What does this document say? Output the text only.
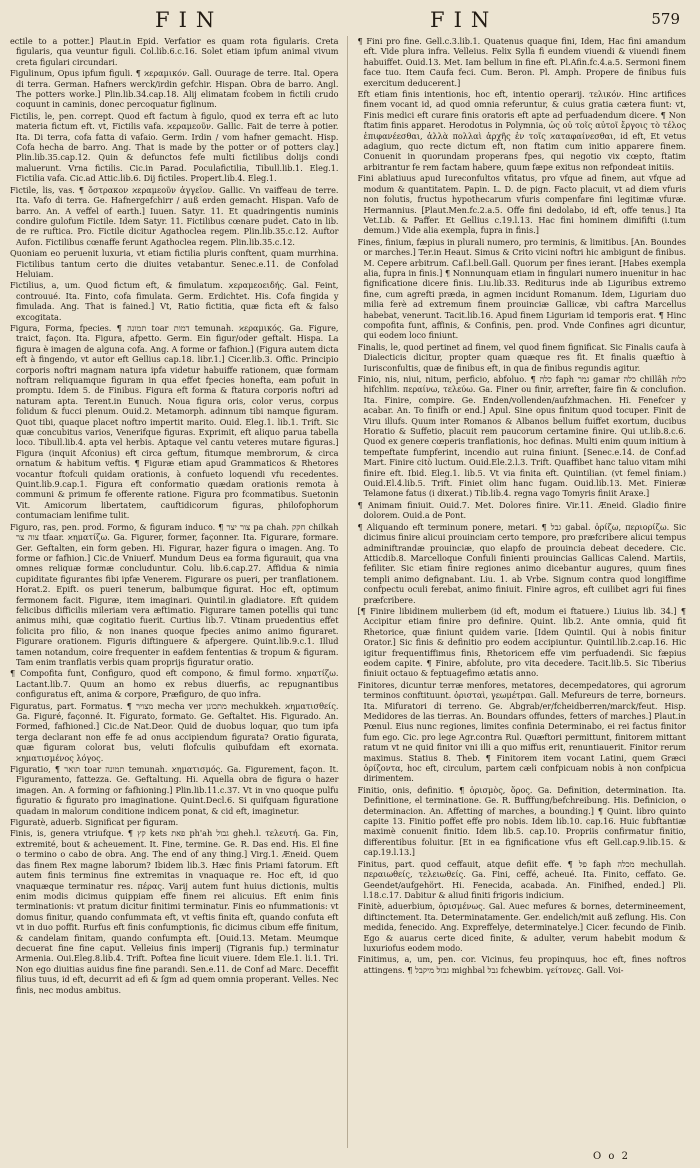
FIN	FIN	579

ectile to a potter.] Plaut.in Epid. Verfatior es quam rota figularis. Creta figularis, qua veuntur figuli. Col.lib.6.c.16. Solet etiam ipfum animal vivum creta figulari circundari.

Figulinum, Opus ipfum figuli. ¶ ϰεραμικόν. Gall. Ouurage de terre. Ital. Opera di terra. German. Hafners werck/irdin gefchir. Hispan. Obra de barro. Angl. The potters worke.] Plin.lib.34.cap.18. Alij elimatam fcobem in fictili crudo coquunt in caminis, donec percoquatur figlinum.

Fictilis, le, pen. corrept. Quod eft factum à figulo, quod ex terra eft ac luto materia fictum eft. vt, Fictilis vafa. ϰεραμεοῦν. Gallic. Fait de terre à potier. Ita. Di terra, cofa fatta di vafaio. Germ. Irdin / vom hafner gemacht. Hisp. Cofa hecha de barro. Ang. That is made by the potter or of potters clay.] Plin.lib.35.cap.12. Quin & defunctos fefe multi fictilibus dolijs condi maluerunt. Vrna fictilis. Cic.in Parad. Poculafictilia, Tibull.lib.1. Eleg.1. Fictilia vafa. Cic.ad Attic.lib.6. Dij fictiles. Propert.lib.4. Eleg.1.

Fictile, lis, vas. ¶ ὄστρακον ϰεραμεοῦν ἀγγεῖον. Gallic. Vn vaiffeau de terre. Ita. Vafo di terra. Ge. Hafnergefchirr / auß erden gemacht. Hispan. Vafo de barro. An. A veffel of earth.] Iuuen. Satyr. 11. Et quadringentis numinis condire gulofum Fictile. Idem Satyr. 11. Fictilibus cœnare pudet. Cato in lib. de re ruftica. Pro. Fictile dicitur Agathoclea regem. Plin.lib.35.c.12. Auftor Aufon. Fictilibus cœnaffe ferunt Agathoclea regem. Plin.lib.35.c.12.

Quoniam eo peruenit luxuria, vt etiam fictilia pluris conftent, quam murrhina. Fictilibus tantum certo die diuites vetabantur. Senec.e.11. de Confolad Heluiam.

Fictilius, a, um. Quod fictum eft, & fimulatum. ϰεραμεοειδής. Gal. Feint, controuué. Ita. Finto, cofa fimulata. Germ. Erdichtet. His. Cofa fingida y fimulada. Ang. That is fained.] Vt, Ratio fictitia, quæ ficta eft & falso excogitata.

Figura, Forma, fpecies. ¶ תמונה toar דמות temunah. ϰεραμικός. Ga. Figure, traict, façon. Ita. Figura, afpetto. Germ. Ein figur/oder geftalt. Hispa. La figura è imagen de alguna cofa. Ang. A forme or fafhion.] (Figura autem dicta eft à fingendo, vt autor eft Gellius cap.18. libr.1.] Cicer.lib.3. Offic. Principio corporis noftri magnam natura ipfa videtur habuiffe rationem, quæ formam noftram reliquamque figuram in qua effet fpecies honefta, eam pofuit in promptu. Idem 5. de Finibus. Figura eft forma & ftatura corporis noftri ad naturam apta. Terent.in Eunuch. Noua figura oris, color verus, corpus folidum & fucci plenum. Ouid.2. Metamorph. adinnum tibi namque figuram. Quot tibi, quaque placet noftro impertit marito. Ouid. Eleg.1. lib.1. Trift. Sic quæ concubitus varios, Venerifque figuras. Exprimit, eft aliquo parua tabella loco. Tibull.lib.4. apta vel herbis. Aptaque vel cantu veteres mutare figuras.] Figura (inquit Afconius) eft circa geftum, fitumque membrorum, & circa ornatum & habitum veftis. ¶ Figuræ etiam apud Grammaticos & Rhetores vocantur ftofculi quidam orationis, à confueto loquendi vfu recedentes. Quint.lib.9.cap.1. Figura eft conformatio quædam orationis remota à communi & primum fe offerente ratione. Figura pro fcommatibus. Suetonin Vit. Amicorum libertatem, cauftidicorum figuras, philofophorum contumaciam lenifime tulit.

Figuro, ras, pen. prod. Formo, & figuram induco. ¶ צור יצר pa chah. חקק chilkah צוה צר tfaar. ϰηματίζω. Ga. Figurer, former, façonner. Ita. Figurare, formare. Ger. Geftalten, ein form geben. Hi. Figurar, hazer figura o imagen. Ang. To forme or fafhion.] Cic.de Vniuerf. Mundum Deus ea forma figurauit, qua vna omnes reliquæ formæ concluduntur. Colu. lib.6.cap.27. Affidua & nimia cupiditate figurantes fibi ipfæ Venerem. Figurare os pueri, per tranflationem. Horat.2. Epift. os pueri tenerum, balbumque figurat. Hoc eft, optimum fermonem facit. Figuræ, item imaginari. Quintil.in gladiatore. Eft quidem felicibus difficilis mileriam vera æftimatio. Figurare tamen potellis qui tunc animus mihi, quæ cogitatio fuerit. Curtius lib.7. Vtinam pruedentius effet folicita pro filio, & non inanes quoque fpecies animo animo figuraret. Figurare orationem. Figuris diftinguere & afpergere. Quint.lib.9.c.1. Illud tamen notandum, coire frequenter in eafdem fententias & tropum & figuram. Tam enim tranflatis verbis quam proprijs figuratur oratio.

¶ Compofita funt, Configuro, quod eft compono, & fimul formo. ϰηματίζω. Lactant.lib.7. Quum an homo ex rebus diuerfis, ac repugnantibus configuratus eft, anima & corpore, Præfiguro, de quo infra.

Figuratus, part. Formatus. ¶ מצויר mecha ver מתכונן mechukkeh. ϰηματισθείς. Ga. Figuré, façonné. It. Figurato, formato. Ge. Geftaltet. His. Figurado. An. Formed, fafhioned.] Cic.de Nat.Deor. Quid de duobus loquar, quo tum ipfa terga declarant non effe fe ad onus accipiendum figurata? Oratio figurata, quæ figuram colorat bus, veluti flofculis quibufdam eft exornata. ϰηματισμένος λόγος.

Figuratio, ¶ תואר toar תמונה temunah. ϰηματισμός. Ga. Figurement, façon. It. Figuramento, fattezza. Ge. Geftaltung. Hi. Aquella obra de figura o hazer imagen. An. A forming or fafhioning.] Plin.lib.11.c.37. Vt in vno quoque pulfu figuratio & figurato pro imaginatione. Quint.Decl.6. Si quifquam figuratione quadam in malorum conditione indicem ponat, & cid eft, imaginetur.

Figuratè, aduerb. Significat per figuram.

Finis, is, genera vtriufque. ¶ קץ kets פאת ph'ah גבול gheh.l. τελευτή. Ga. Fin, extremité, bout & acheuement. It. Fine, termine. Ge. R. Das end. His. El fine o termino o cabo de obra. Ang. The end of any thing.] Virg.1. Æneid. Quem das finem Rex magne laborum? Ibidem lib.3. Hæc finis Priami fatorum. Eft autem finis terminus fine extremitas in vnaquaque re. Hoc eft, id quo vnaquæque terminatur res. πέρας. Varij autem funt huius dictionis, multis enim modis dicimus quippiam effe finem rei alicuius. Eft enim finis terminationis: vt pratum dicitur finitimi terminatur. Finis eo nfummationis: vt domus finitur, quando confummata eft, vt veftis finita eft, quando confuta eft vt in duo poffit. Rurfus eft finis confumptionis, fic dicimus cibum effe finitum, & candelam finitam, quando confumpta eft. [Ouid.13. Metam. Meumque decuerat fine fine caput. Velleius finis imperij (Tigranis fup.) terminatur Armenia. Oui.Eleg.8.lib.4. Trift. Poftea fine licuit viuere. Idem Ele.1. li.1. Tri. Non ego diuitias auidus fine fine parandi. Sen.e.11. de Conf ad Marc. Deceffit filius tuus, id eft, decurrit ad efi & ſgm ad quem omnia properant. Velles. Nec finis, nec modus ambitus.

¶ Fini pro fine. Gell.c.3.lib.1. Quatenus quaque fini, Idem, Hac fini amandum eft. Vide plura infra. Velleius. Felix Sylla fi eundem viuendi & viuendi finem habuiffet. Ouid.13. Met. Iam bellum in fine eft. Pl.Afin.fc.4.a.5. Sermoni finem face tuo. Item Caufa feci. Cum. Beron. Pl. Amph. Propere de finibus fuis exercitum deducerent.]

Eft etiam finis intentionis, hoc eft, intentio operarij. τελικόν. Hinc artifices finem vocant id, ad quod omnia referuntur, & cuius gratia cætera fiunt: vt, Finis medici eft curare finis oratoris eft apte ad perfuadendum dicere. ¶ Non ftatim finis apparet. Herodotus in Polymnia, ὡς οὐ τοῖς αὐτοῖ ἔργοις τὸ τέλος ἐπιφανέεσθαι, ἀλλὰ πολλαὶ ἀρχῆς ἐν τοῖς ϰαταφαίνεσθαι, id eft, Et vetus adagium, quo recte dictum eft, non ftatim cum initio apparere finem. Conuenit in quorundam properans fpes, qui negotio vix cœpto, ftatim arbitrantur fe rem factam habere, quum fæpe exitus non refpondeat initiis.

Fini ablatiuus apud Iureconfultos vfitatus, pro vfque ad finem, aut vfque ad modum & quantitatem. Papin. L. D. de pign. Facto placuit, vt ad diem vfuris non folutis, fructus hypothecarum vfuris compenfare fini legitimæ vfuræ. Hermannius. [Plaut.Men.fc.2.a.5. Offe fini dedolabo, id eft, offe tenus.] Ita Vet.Lib. & Paffer. Et Gellius c.19.l.13. Hac fini hominem dimififti (i.tum demum.) Vide alia exempla, fupra in finis.]

Fines, finium, fæpius in plurali numero, pro terminis, & limitibus. [An. Boundes or marches.] Ter.in Heaut. Simus & Crito vicini noftri hic ambigunt de finibus. M. Cepere arbitrum. Caf.l.bell.Gall. Quorum per fines ierant. [Habes exempla alia, fupra in finis.] ¶ Nonnunquam etiam in fingulari numero inuenitur in hac fignificatione dicere finis. Liu.lib.33. Rediturus inde ab Liguribus extremo fine, cum agrefti præda, in agmen incidunt Romanum. Idem, Liguriam duo milia ferè ad extremum finem prouinciæ Gallicæ, vbi caftra Marcellus habebat, venerunt. Tacit.lib.16. Apud finem Liguriam id temporis erat. ¶ Hinc compofita funt, affinis, & Confinis, pen. prod. Vnde Confines agri dicuntur, qui eodem loco finiunt.

Finalis, le, quod pertinet ad finem, vel quod finem fignificat. Sic Finalis caufa à Dialecticis dicitur, propter quam quæque res fit. Et finalis quæftio à Iurisconfultis, quæ de finibus eft, in qua de finibus regundis agitur.

Finio, nis, niui, nitum, perficio, abfoluo. ¶ כלה faph גמר gamar כלה chillâh כלות hifchlim. περαίνω, τελεύω. Ga. Finer ou finir, arrefter, faire fin & conclufion. Ita. Finire, compire. Ge. Enden/vollenden/aufzhmachen. Hi. Fenefcer y acabar. An. To finifh or end.] Apul. Sine opus finitum quod tocuper. Finit de Viru illufs. Quum inter Romanos & Albanos bellum fuiffet exortum, ducibus Horatio & Suffetio, placuit rem paucorum certamine finire. Qui ut.lib.8.c.6. Quod ex genere cœperis tranflationis, hoc definas. Multi enim quum initium à tempeftate fumpferint, incendio aut ruina finiunt. [Senec.e.14. de Conf.ad Mart. Finire citò luctum. Ouid.Ele.2.l.3. Trift. Quaffibet hanc taluo vitam mihi finire eft. Ibid. Eleg.1. lib.5. Vt via finita eft. Quintilian. (vt femel finiam.) Ouid.El.4.lib.5. Trift. Finiet olim hanc fugam. Ouid.lib.13. Met. Finieræ Telamone fatus (i dixerat.) Tib.lib.4. regna vago Tomyris finiit Araxe.]

¶ Animam finiuit. Ouid.7. Met. Dolores finire. Vir.11. Æneid. Gladio finire dolorem. Ouid.a de Pont.

¶ Aliquando eft terminum ponere, metari. ¶ גבל gabal. ὁρίζω, περιορίζω. Sic dicimus finire alicui prouinciam certo tempore, pro præfcribere alicui tempus adminiftrandæ prouinciæ, quo elapfo de prouincia debeat decedere. Cic. Atticdib.8. Marcelloque Confuli finienti prouincias Gallicas Calend. Martiis, fefiliter. Sic etiam finire regiones animo dicebantur augures, quum fines templi animo defignabant. Liu. 1. ab Vrbe. Signum contra quod longiffime confpectu oculi ferebat, animo finiuit. Finire agros, eft cuilibet agri fui fines præfcribere.

[¶ Finire libidinem mulierbem (id eft, modum ei ftatuere.) Liuius lib. 34.] ¶ Accipitur etiam finire pro definire. Quint. lib.2. Ante omnia, quid fit Rhetorice, quæ finiunt quidem varie. [Idem Quintil. Qui à nobis finitur Orator.] Sic finis & definitio pro eodem accipiuntur. Quintil.lib.2.cap.16. Hic igitur frequentiffimus finis, Rhetoricem effe vim perfuadendi. Sic fæpius eodem capite. ¶ Finire, abfolute, pro vita decedere. Tacit.lib.5. Sic Tiberius finiuit octauo & feptuagefimo ætatis anno.

Finitores, dicuntur terræ menfores, metatores, decempedatores, qui agrorum terminos conftituunt. ὁρισταὶ, γεωμέτραι. Gall. Mefureurs de terre, borneurs. Ita. Mifuratori di terreno. Ge. Abgrab/er/fcheidberren/marck/feut. Hisp. Medidores de las tierras. An. Boundars offundes, fetters of marches.] Plaut.in Pœnul. Eius nunc regiones, limites confinia Determinabo, ei rei factus finitor fum ego. Cic. pro lege Agr.contra Rul. Quæftori permittunt, finitorem mittant ratum vt ne quid finitor vni illi a quo miffus erit, renuntiauerit. Finitor rerum maximus. Statius 8. Theb. ¶ Finitorem item vocant Latini, quem Græci ὁρίζοντα, hoc eft, circulum, partem cæli confpicuam nobis à non confpicua dirimentem.

Finitio, onis, definitio. ¶ ὁρισμὸς, ὅρος. Ga. Definition, determination. Ita. Definitione, el terminatione. Ge. R. Bufffung/befchreibung. His. Definicion, o determinacion. An. Affetting of marches, a bounding.] ¶ Quint. libro quinto capite 13. Finitio poffet effe pro nobis. Idem lib.10. cap.16. Huic fubftantiæ maximè conuenit finitio. Idem lib.5. cap.10. Propriis confirmatur finitio, differentibus foluitur. [Et in ea fignificatione vfus eft Gell.cap.9.lib.15. & cap.19.l.13.]

Finitus, part. quod ceffauit, atque defiit effe. ¶ פל faph מכלה mechullah. περαιωθείς, τελειωθείς. Ga. Fini, ceffé, acheué. Ita. Finito, ceffato. Ge. Geendet/aufgehört. Hi. Fenecida, acabada. An. Finifhed, ended.] Pli. l.18.c.17. Dabitur & aliud finiti frigoris indicium.

Finitè, aduerbium, ὁρισμένως. Gal. Auec mefures & bornes, determineement, diftinctement. Ita. Determinatamente. Ger. endelich/mit auß zeflung. His. Con medida, fenecido. Ang. Expreffelye, determinatelye.] Cicer. fecundo de Finib. Ego & auarus certe diced finite, & adulter, verum habebit modum & luxuriofus eodem modo.

Finitimus, a, um, pen. cor. Vicinus, feu propinquus, hoc eft, fines noftros attingens. ¶ גבול מיקבל mighbal גבל fchewbim. γείτονες. Gall. Voi-

O o 2
